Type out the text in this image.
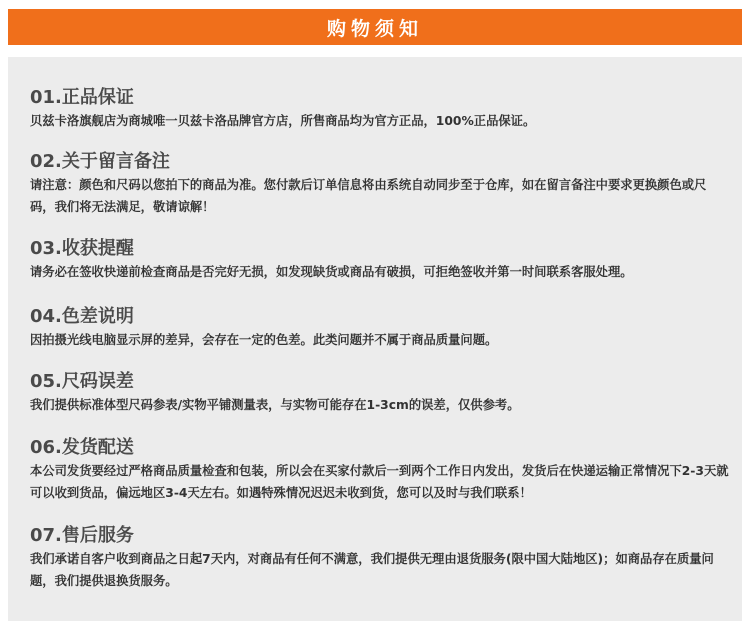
购物须知
01.正品保证
贝兹卡洛旗舰店为商城唯一贝兹卡洛品牌官方店，所售商品均为官方正品，100%正品保证。
02.关于留言备注
请注意：颜色和尺码以您拍下的商品为准。您付款后订单信息将由系统自动同步至于仓库，如在留言备注中要求更换颜色或尺码，我们将无法满足，敬请谅解！
03.收获提醒
请务必在签收快递前检查商品是否完好无损，如发现缺货或商品有破损，可拒绝签收并第一时间联系客服处理。
04.色差说明
因拍摄光线电脑显示屏的差异，会存在一定的色差。此类问题并不属于商品质量问题。
05.尺码误差
我们提供标准体型尺码参表/实物平铺测量表，与实物可能存在1-3cm的误差，仅供参考。
06.发货配送
本公司发货要经过严格商品质量检查和包装，所以会在买家付款后一到两个工作日内发出，发货后在快递运输正常情况下2-3天就可以收到货品，偏远地区3-4天左右。如遇特殊情况迟迟未收到货，您可以及时与我们联系！
07.售后服务
我们承诺自客户收到商品之日起7天内，对商品有任何不满意，我们提供无理由退货服务(限中国大陆地区)；如商品存在质量问题，我们提供退换货服务。
